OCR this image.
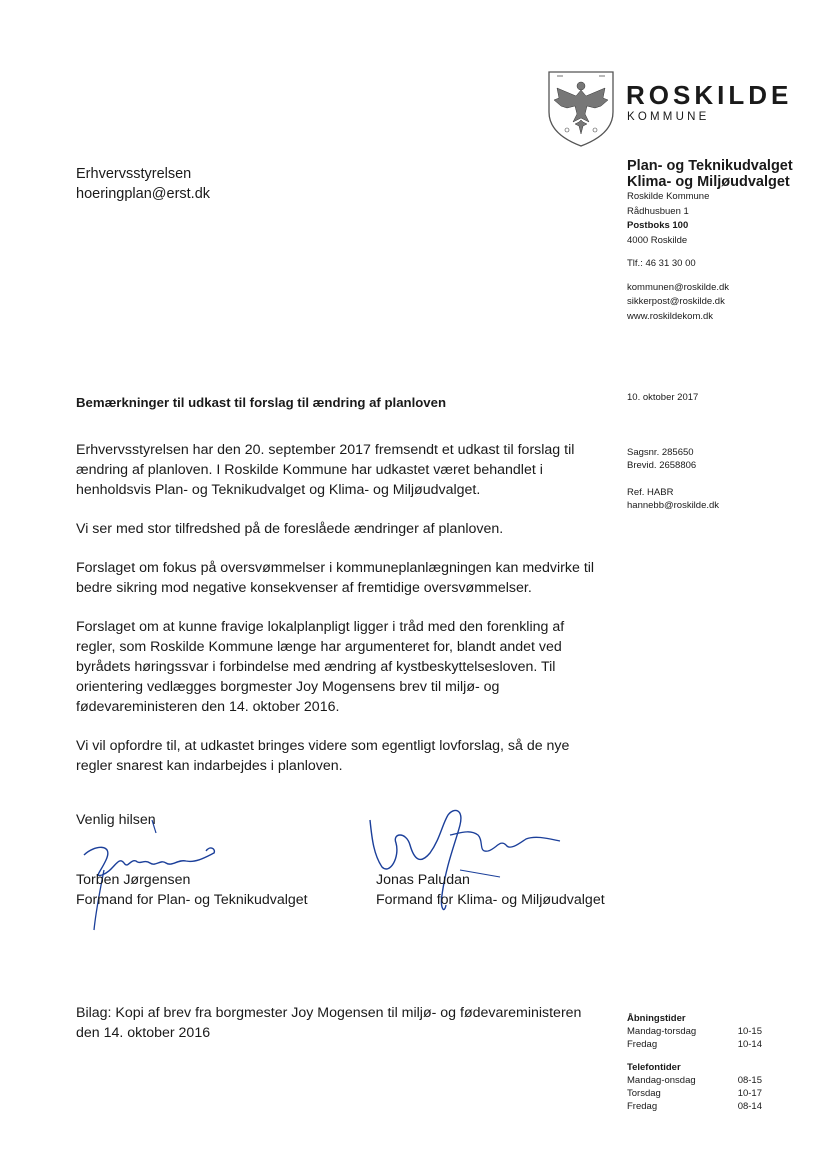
ROSKILDE
KOMMUNE
Erhvervsstyrelsen
hoeringplan@erst.dk
Plan- og Teknikudvalget
Klima- og Miljøudvalget
Roskilde Kommune
Rådhusbuen 1
Postboks 100
4000 Roskilde
Tlf.: 46 31 30 00
kommunen@roskilde.dk
sikkerpost@roskilde.dk
www.roskildekom.dk
Bemærkninger til udkast til forslag til ændring af planloven	10. oktober 2017
Sagsnr. 285650
Brevid. 2658806
Ref. HABR
hannebb@roskilde.dk

Erhvervsstyrelsen har den 20. september 2017 fremsendt et udkast til forslag til ændring af planloven. I Roskilde Kommune har udkastet været behandlet i henholdsvis Plan- og Teknikudvalget og Klima- og Miljøudvalget.

Vi ser med stor tilfredshed på de foreslåede ændringer af planloven.

Forslaget om fokus på oversvømmelser i kommuneplanlægningen kan medvirke til bedre sikring mod negative konsekvenser af fremtidige oversvømmelser.

Forslaget om at kunne fravige lokalplanpligt ligger i tråd med den forenkling af regler, som Roskilde Kommune længe har argumenteret for, blandt andet ved byrådets høringssvar i forbindelse med ændring af kystbeskyttelsesloven. Til orientering vedlægges borgmester Joy Mogensens brev til miljø- og fødevareministeren den 14. oktober 2016.

Vi vil opfordre til, at udkastet bringes videre som egentligt lovforslag, så de nye regler snarest kan indarbejdes i planloven.

Venlig hilsen
Torben Jørgensen
Formand for Plan- og Teknikudvalget
Jonas Paludan
Formand for Klima- og Miljøudvalget
Bilag: Kopi af brev fra borgmester Joy Mogensen til miljø- og fødevareministeren den 14. oktober 2016
Åbningstider
Mandag-torsdag	10-15
Fredag	10-14
Telefontider
Mandag-onsdag	08-15
Torsdag	10-17
Fredag	08-14
